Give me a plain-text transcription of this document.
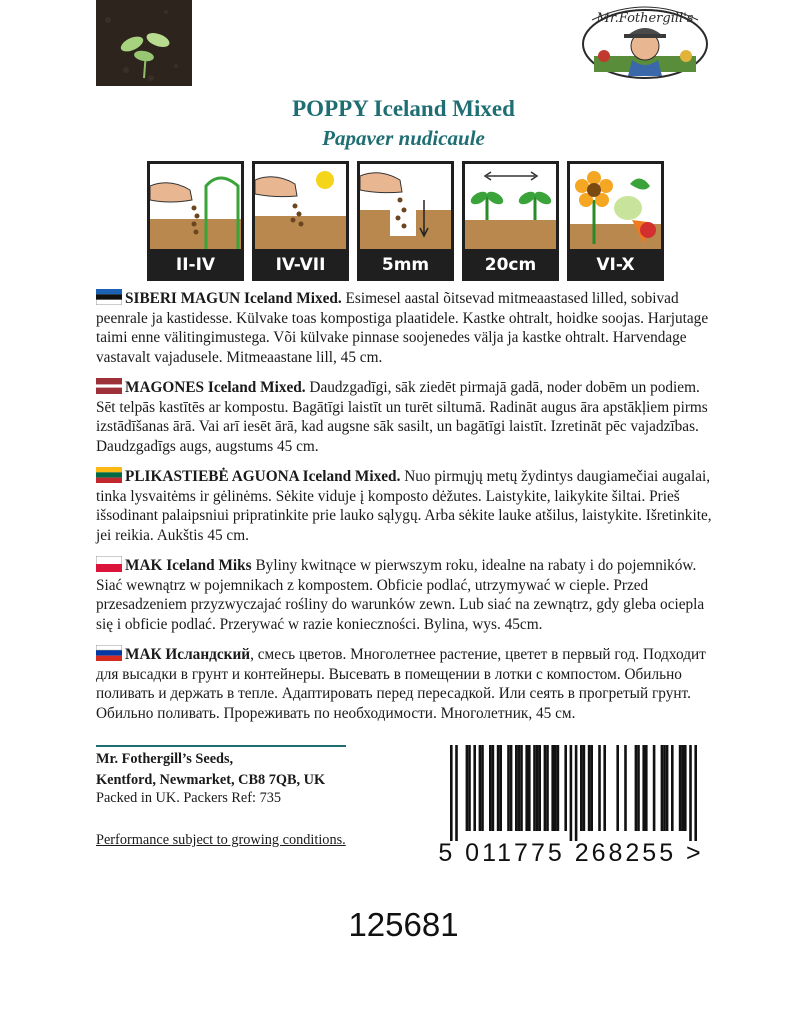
Mr.Fothergill's
POPPY Iceland Mixed
Papaver nudicaule
II-IV	IV-VII	5mm	20cm	VI-X
SIBERI MAGUN Iceland Mixed. Esimesel aastal õitsevad mitmeaastased lilled, sobivad peenrale ja kastidesse. Külvake toas kompostiga plaatidele. Kastke ohtralt, hoidke soojas. Harjutage taimi enne välitingimustega. Või külvake pinnase soojenedes välja ja kastke ohtralt. Harvendage vastavalt vajadusele. Mitmeaastane lill, 45 cm.
MAGONES Iceland Mixed. Daudzgadīgi, sāk ziedēt pirmajā gadā, noder dobēm un podiem. Sēt telpās kastītēs ar kompostu. Bagātīgi laistīt un turēt siltumā. Radināt augus āra apstākļiem pirms izstādīšanas ārā. Vai arī iesēt ārā, kad augsne sāk sasilt, un bagātīgi laistīt. Izretināt pēc vajadzības. Daudzgadīgs augs, augstums 45 cm.
PLIKASTIEBĖ AGUONA Iceland Mixed. Nuo pirmųjų metų žydintys daugiamečiai augalai, tinka lysvaitėms ir gėlinėms. Sėkite viduje į komposto dėžutes. Laistykite, laikykite šiltai. Prieš išsodinant palaipsniui pripratinkite prie lauko sąlygų. Arba sėkite lauke atšilus, laistykite. Išretinkite, jei reikia. Aukštis 45 cm.
MAK Iceland Miks Byliny kwitnące w pierwszym roku, idealne na rabaty i do pojemników. Siać wewnątrz w pojemnikach z kompostem. Obficie podlać, utrzymywać w cieple. Przed przesadzeniem przyzwyczajać rośliny do warunków zewn. Lub siać na zewnątrz, gdy gleba ociepla się i obficie podlać. Przerywać w razie konieczności. Bylina, wys. 45cm.
МАК Исландский, смесь цветов. Многолетнее растение, цветет в первый год. Подходит для высадки в грунт и контейнеры. Высевать в помещении в лотки с компостом. Обильно поливать и держать в тепле. Адаптировать перед пересадкой. Или сеять в прогретый грунт. Обильно поливать. Прореживать по необходимости. Многолетник, 45 см.
Mr. Fothergill’s Seeds,
Kentford, Newmarket, CB8 7QB, UK
Packed in UK. Packers Ref: 735
Performance subject to growing conditions.	5 011775 268255 >
125681
